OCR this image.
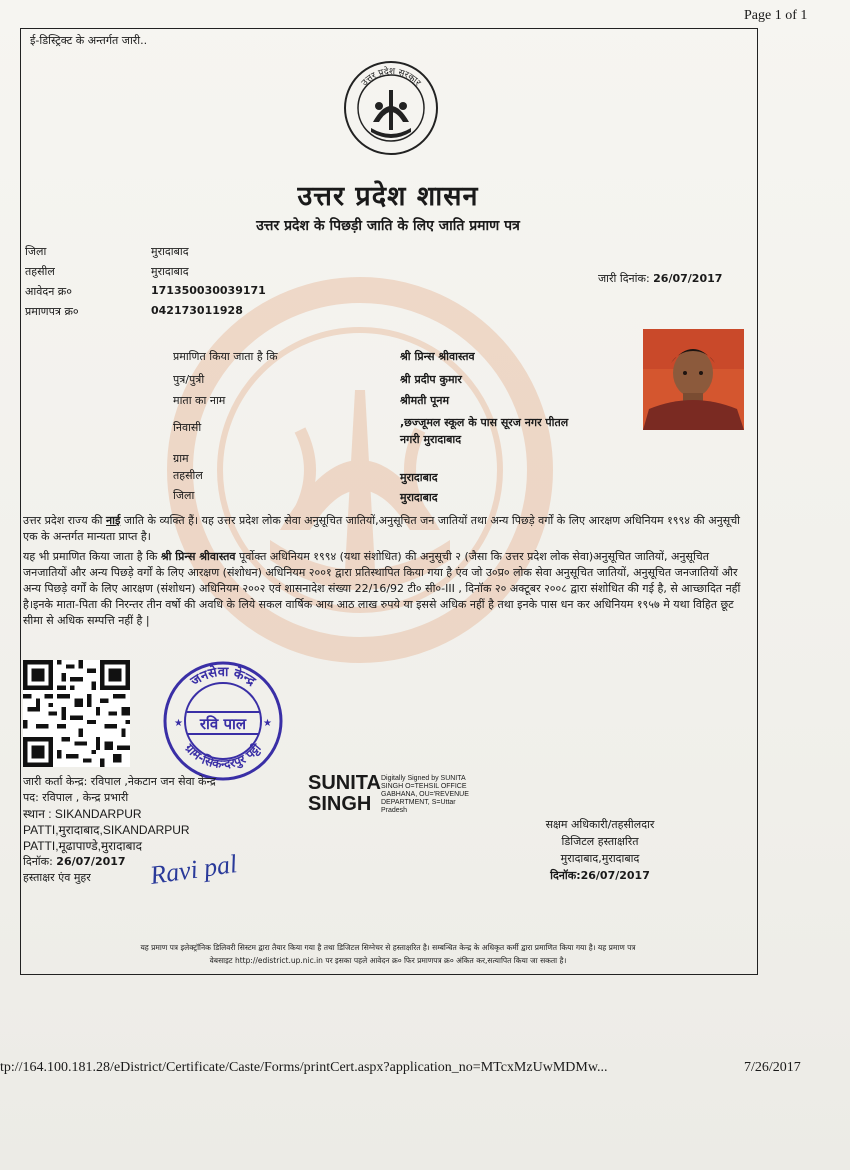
Page 1 of 1
ई-डिस्ट्रिक्ट के अन्तर्गत जारी..
उत्तर प्रदेश सरकार
उत्तर प्रदेश शासन
उत्तर प्रदेश के पिछड़ी जाति के लिए जाति प्रमाण पत्र
जिला	मुरादाबाद
तहसील	मुरादाबाद
आवेदन क्र०	171350030039171
प्रमाणपत्र क्र०	042173011928
जारी दिनांक: 26/07/2017
प्रमाणित किया जाता है कि	श्री प्रिन्स श्रीवास्तव
पुत्र/पुत्री	श्री प्रदीप कुमार
माता का नाम	श्रीमती पूनम
निवासी	,छज्जूमल स्कूल के पास सूरज नगर पीतल
नगरी मुरादाबाद
ग्राम
तहसील	मुरादाबाद
जिला	मुरादाबाद
उत्तर प्रदेश राज्य की नाई जाति के व्यक्ति हैं। यह उत्तर प्रदेश लोक सेवा अनुसूचित जातियों,अनुसूचित जन जातियों तथा अन्य पिछड़े वर्गों के लिए आरक्षण अधिनियम १९९४ की अनुसूची एक के अन्तर्गत मान्यता प्राप्त है।
यह भी प्रमाणित किया जाता है कि श्री प्रिन्स श्रीवास्तव पूर्वोक्त अधिनियम १९९४ (यथा संशोधित) की अनुसूची २ (जैसा कि उत्तर प्रदेश लोक सेवा)अनुसूचित जातियों, अनुसूचित जनजातियों और अन्य पिछड़े वर्गों के लिए आरक्षण (संशोधन) अधिनियम २००१ द्वारा प्रतिस्थापित किया गया है एंव जो उ०प्र० लोक सेवा अनुसूचित जातियों, अनुसूचित जनजातियों और अन्य पिछड़े वर्गों के लिए आरक्षण (संशोधन) अधिनियम २००२ एवं शासनादेश संख्या 22/16/92 टी० सी०-III , दिनॉक २० अक्टूबर २००८ द्वारा संशोधित की गई है, से आच्छादित नहीं है।इनके माता-पिता की निरन्तर तीन वर्षो की अवधि के लिये सकल वार्षिक आय आठ लाख रुपये या इससे अधिक नहीं है तथा इनके पास धन कर अधिनियम १९५७ मे यथा विहित छूट सीमा से अधिक सम्पत्ति नहीं है |
जनसेवा केन्द्र
ग्राम-सिकन्दरपुर पट्टी
रवि पाल
★	★
जारी कर्ता केन्द्र: रविपाल ,नेकटान जन सेवा केन्द्र
पद: रविपाल , केन्द्र प्रभारी
स्थान : SIKANDARPUR
PATTI,मुरादाबाद,SIKANDARPUR
PATTI,मूढापाण्डे,मुरादाबाद
दिनॉक: 26/07/2017
हस्ताक्षर एंव मुहर	Ravi pal
SUNITA
SINGH
Digitally Signed by SUNITA
SINGH O=TEHSIL OFFICE
GABHANA, OU='REVENUE
DEPARTMENT, S=Uttar
Pradesh
सक्षम अधिकारी/तहसीलदार
डिजिटल हस्ताक्षरित
मुरादाबाद,मुरादाबाद
दिनॉक:26/07/2017
यह प्रमाण पत्र इलेक्ट्रॉनिक डिलिवरी सिस्टम द्वारा तैयार किया गया है तथा डिजिटल सिग्नेचर से हस्ताक्षरित है। सम्बन्धित केन्द्र के अधिकृत कर्मी द्वारा प्रमाणित किया गया है। यह प्रमाण पत्र
वेबसाइट http://edistrict.up.nic.in पर इसका पहले आवेदन क्र० फिर प्रमाणपत्र क्र० अंकित कर,सत्यापित किया जा सकता है।
tp://164.100.181.28/eDistrict/Certificate/Caste/Forms/printCert.aspx?application_no=MTcxMzUwMDMw...	7/26/2017
